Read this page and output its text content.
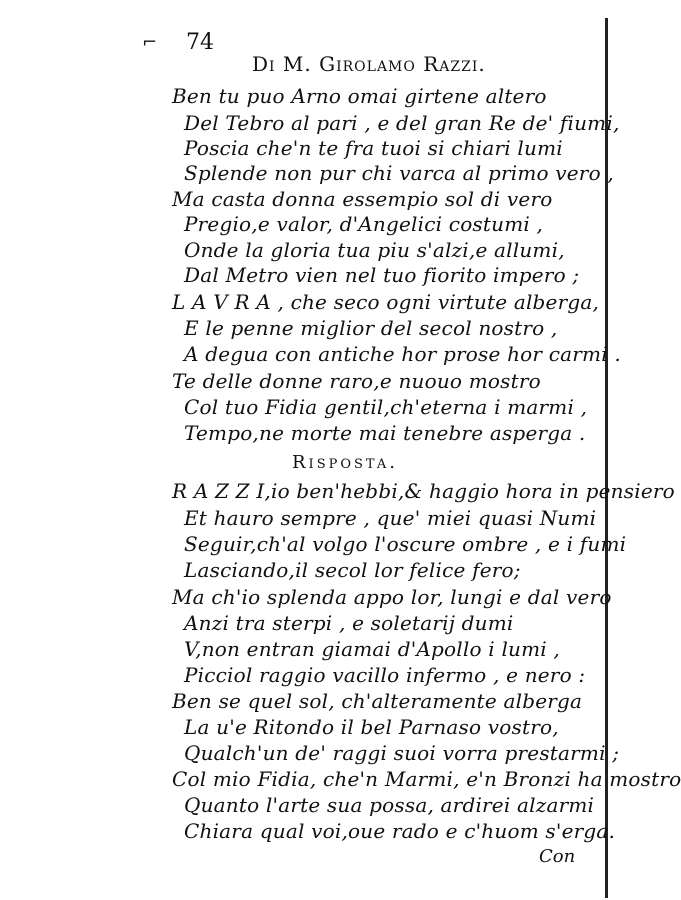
⌐ 74
Di M. Girolamo Razzi.
Ben tu puo Arno omai girtene altero
Del Tebro al pari , e del gran Re de' fiumi,
Poscia che'n te fra tuoi si chiari lumi
Splende non pur chi varca al primo vero ,
Ma casta donna essempio sol di vero
Pregio,e valor, d'Angelici costumi ,
Onde la gloria tua piu s'alzi,e allumi,
Dal Metro vien nel tuo fiorito impero ;
L A V R A , che seco ogni virtute alberga,
E le penne miglior del secol nostro ,
A degua con antiche hor prose hor carmi .
Te delle donne raro,e nuouo mostro
Col tuo Fidia gentil,ch'eterna i marmi ,
Tempo,ne morte mai tenebre asperga .
Risposta.
R A Z Z I,io ben'hebbi,& haggio hora in pensiero
Et hauro sempre , que' miei quasi Numi
Seguir,ch'al volgo l'oscure ombre , e i fumi
Lasciando,il secol lor felice fero;
Ma ch'io splenda appo lor, lungi e dal vero
Anzi tra sterpi , e soletarij dumi
V,non entran giamai d'Apollo i lumi ,
Picciol raggio vacillo infermo , e nero :
Ben se quel sol, ch'alteramente alberga
La u'e Ritondo il bel Parnaso vostro,
Qualch'un de' raggi suoi vorra prestarmi ;
Col mio Fidia, che'n Marmi, e'n Bronzi ha mostro
Quanto l'arte sua possa, ardirei alzarmi
Chiara qual voi,oue rado e c'huom s'erga.
Con
